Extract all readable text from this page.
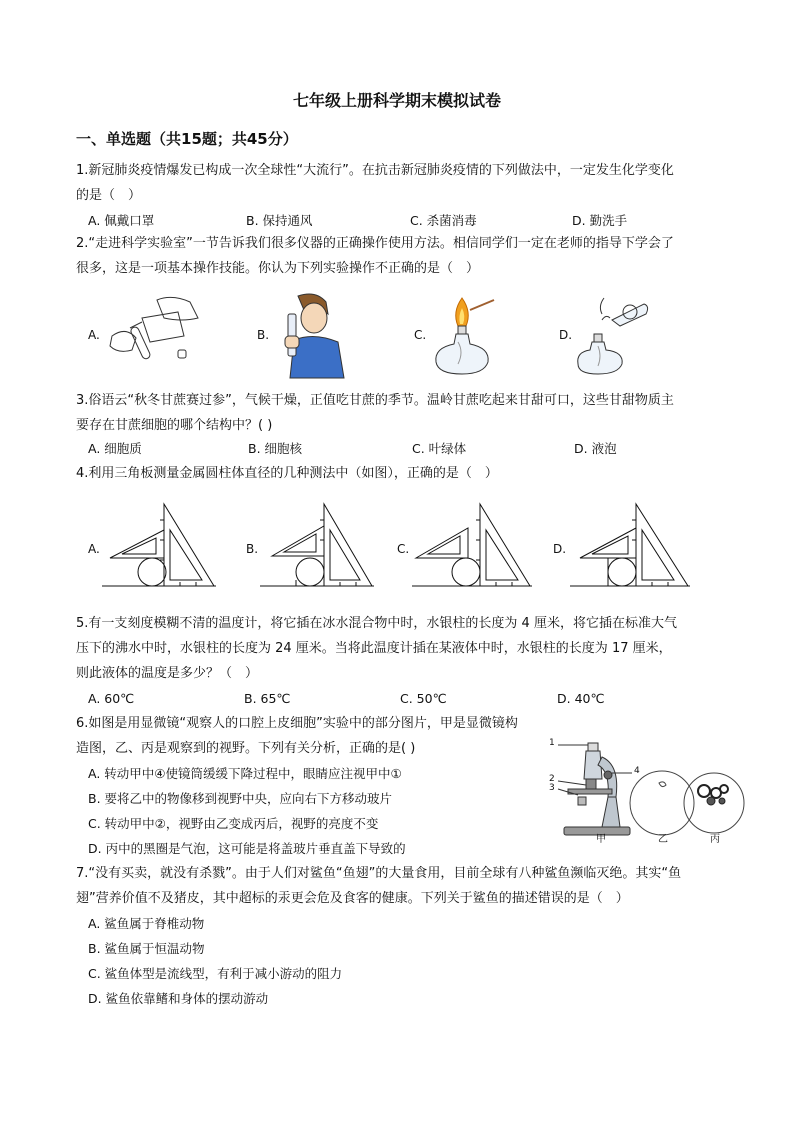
七年级上册科学期末模拟试卷
一、单选题（共15题；共45分）
1.新冠肺炎疫情爆发已构成一次全球性“大流行”。在抗击新冠肺炎疫情的下列做法中，一定发生化学变化
的是（　）
A. 佩戴口罩	B. 保持通风	C. 杀菌消毒	D. 勤洗手
2.“走进科学实验室”一节告诉我们很多仪器的正确操作使用方法。相信同学们一定在老师的指导下学会了
很多，这是一项基本操作技能。你认为下列实验操作不正确的是（　）
A.	B.	C.	D.
3.俗语云“秋冬甘蔗赛过参”，气候干燥，正值吃甘蔗的季节。温岭甘蔗吃起来甘甜可口，这些甘甜物质主
要存在甘蔗细胞的哪个结构中？( )
A. 细胞质	B. 细胞核	C. 叶绿体	D. 液泡
4.利用三角板测量金属圆柱体直径的几种测法中（如图），正确的是（　）
A.	B.	C.	D.
5.有一支刻度模糊不清的温度计，将它插在冰水混合物中时，水银柱的长度为 4 厘米，将它插在标准大气
压下的沸水中时，水银柱的长度为 24 厘米。当将此温度计插在某液体中时，水银柱的长度为 17 厘米，
则此液体的温度是多少？（　）
A. 60℃	B. 65℃	C. 50℃	D. 40℃
6.如图是用显微镜“观察人的口腔上皮细胞”实验中的部分图片，甲是显微镜构
造图，乙、丙是观察到的视野。下列有关分析，正确的是( )
A. 转动甲中④使镜筒缓缓下降过程中，眼睛应注视甲中①
B. 要将乙中的物像移到视野中央，应向右下方移动玻片
C. 转动甲中②，视野由乙变成丙后，视野的亮度不变
D. 丙中的黑圈是气泡，这可能是将盖玻片垂直盖下导致的
1
2
3
4
甲	乙	丙
7.“没有买卖，就没有杀戮”。由于人们对鲨鱼“鱼翅”的大量食用，目前全球有八种鲨鱼濒临灭绝。其实“鱼
翅”营养价值不及猪皮，其中超标的汞更会危及食客的健康。下列关于鲨鱼的描述错误的是（　）
A. 鲨鱼属于脊椎动物
B. 鲨鱼属于恒温动物
C. 鲨鱼体型是流线型，有利于减小游动的阻力
D. 鲨鱼依靠鳍和身体的摆动游动
